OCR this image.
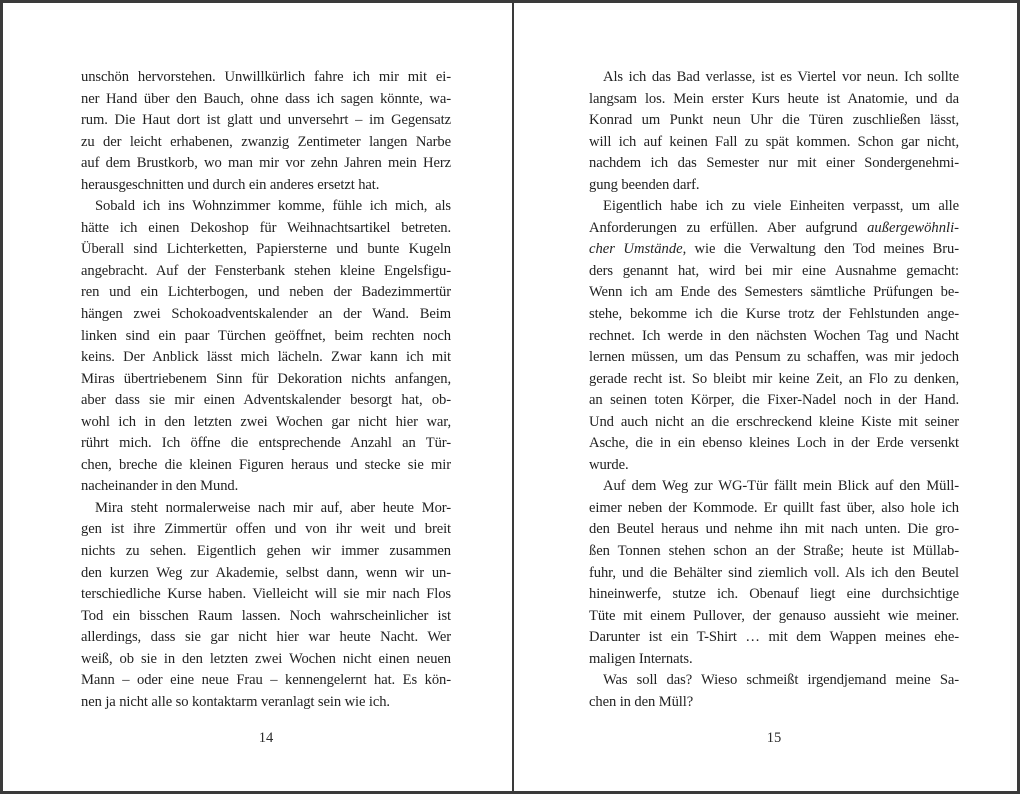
unschön hervorstehen. Unwillkürlich fahre ich mir mit ei-
ner Hand über den Bauch, ohne dass ich sagen könnte, wa-
rum. Die Haut dort ist glatt und unversehrt – im Gegensatz
zu der leicht erhabenen, zwanzig Zentimeter langen Narbe
auf dem Brustkorb, wo man mir vor zehn Jahren mein Herz
herausgeschnitten und durch ein anderes ersetzt hat.
Sobald ich ins Wohnzimmer komme, fühle ich mich, als
hätte ich einen Dekoshop für Weihnachtsartikel betreten.
Überall sind Lichterketten, Papiersterne und bunte Kugeln
angebracht. Auf der Fensterbank stehen kleine Engelsfigu-
ren und ein Lichterbogen, und neben der Badezimmertür
hängen zwei Schokoadventskalender an der Wand. Beim
linken sind ein paar Türchen geöffnet, beim rechten noch
keins. Der Anblick lässt mich lächeln. Zwar kann ich mit
Miras übertriebenem Sinn für Dekoration nichts anfangen,
aber dass sie mir einen Adventskalender besorgt hat, ob-
wohl ich in den letzten zwei Wochen gar nicht hier war,
rührt mich. Ich öffne die entsprechende Anzahl an Tür-
chen, breche die kleinen Figuren heraus und stecke sie mir
nacheinander in den Mund.
Mira steht normalerweise nach mir auf, aber heute Mor-
gen ist ihre Zimmertür offen und von ihr weit und breit
nichts zu sehen. Eigentlich gehen wir immer zusammen
den kurzen Weg zur Akademie, selbst dann, wenn wir un-
terschiedliche Kurse haben. Vielleicht will sie mir nach Flos
Tod ein bisschen Raum lassen. Noch wahrscheinlicher ist
allerdings, dass sie gar nicht hier war heute Nacht. Wer
weiß, ob sie in den letzten zwei Wochen nicht einen neuen
Mann – oder eine neue Frau – kennengelernt hat. Es kön-
nen ja nicht alle so kontaktarm veranlagt sein wie ich.
14
Als ich das Bad verlasse, ist es Viertel vor neun. Ich sollte
langsam los. Mein erster Kurs heute ist Anatomie, und da
Konrad um Punkt neun Uhr die Türen zuschließen lässt,
will ich auf keinen Fall zu spät kommen. Schon gar nicht,
nachdem ich das Semester nur mit einer Sondergenehmi-
gung beenden darf.
Eigentlich habe ich zu viele Einheiten verpasst, um alle
Anforderungen zu erfüllen. Aber aufgrund außergewöhnli-
cher Umstände, wie die Verwaltung den Tod meines Bru-
ders genannt hat, wird bei mir eine Ausnahme gemacht:
Wenn ich am Ende des Semesters sämtliche Prüfungen be-
stehe, bekomme ich die Kurse trotz der Fehlstunden ange-
rechnet. Ich werde in den nächsten Wochen Tag und Nacht
lernen müssen, um das Pensum zu schaffen, was mir jedoch
gerade recht ist. So bleibt mir keine Zeit, an Flo zu denken,
an seinen toten Körper, die Fixer-Nadel noch in der Hand.
Und auch nicht an die erschreckend kleine Kiste mit seiner
Asche, die in ein ebenso kleines Loch in der Erde versenkt
wurde.
Auf dem Weg zur WG-Tür fällt mein Blick auf den Müll-
eimer neben der Kommode. Er quillt fast über, also hole ich
den Beutel heraus und nehme ihn mit nach unten. Die gro-
ßen Tonnen stehen schon an der Straße; heute ist Müllab-
fuhr, und die Behälter sind ziemlich voll. Als ich den Beutel
hineinwerfe, stutze ich. Obenauf liegt eine durchsichtige
Tüte mit einem Pullover, der genauso aussieht wie meiner.
Darunter ist ein T-Shirt … mit dem Wappen meines ehe-
maligen Internats.
Was soll das? Wieso schmeißt irgendjemand meine Sa-
chen in den Müll?
15
